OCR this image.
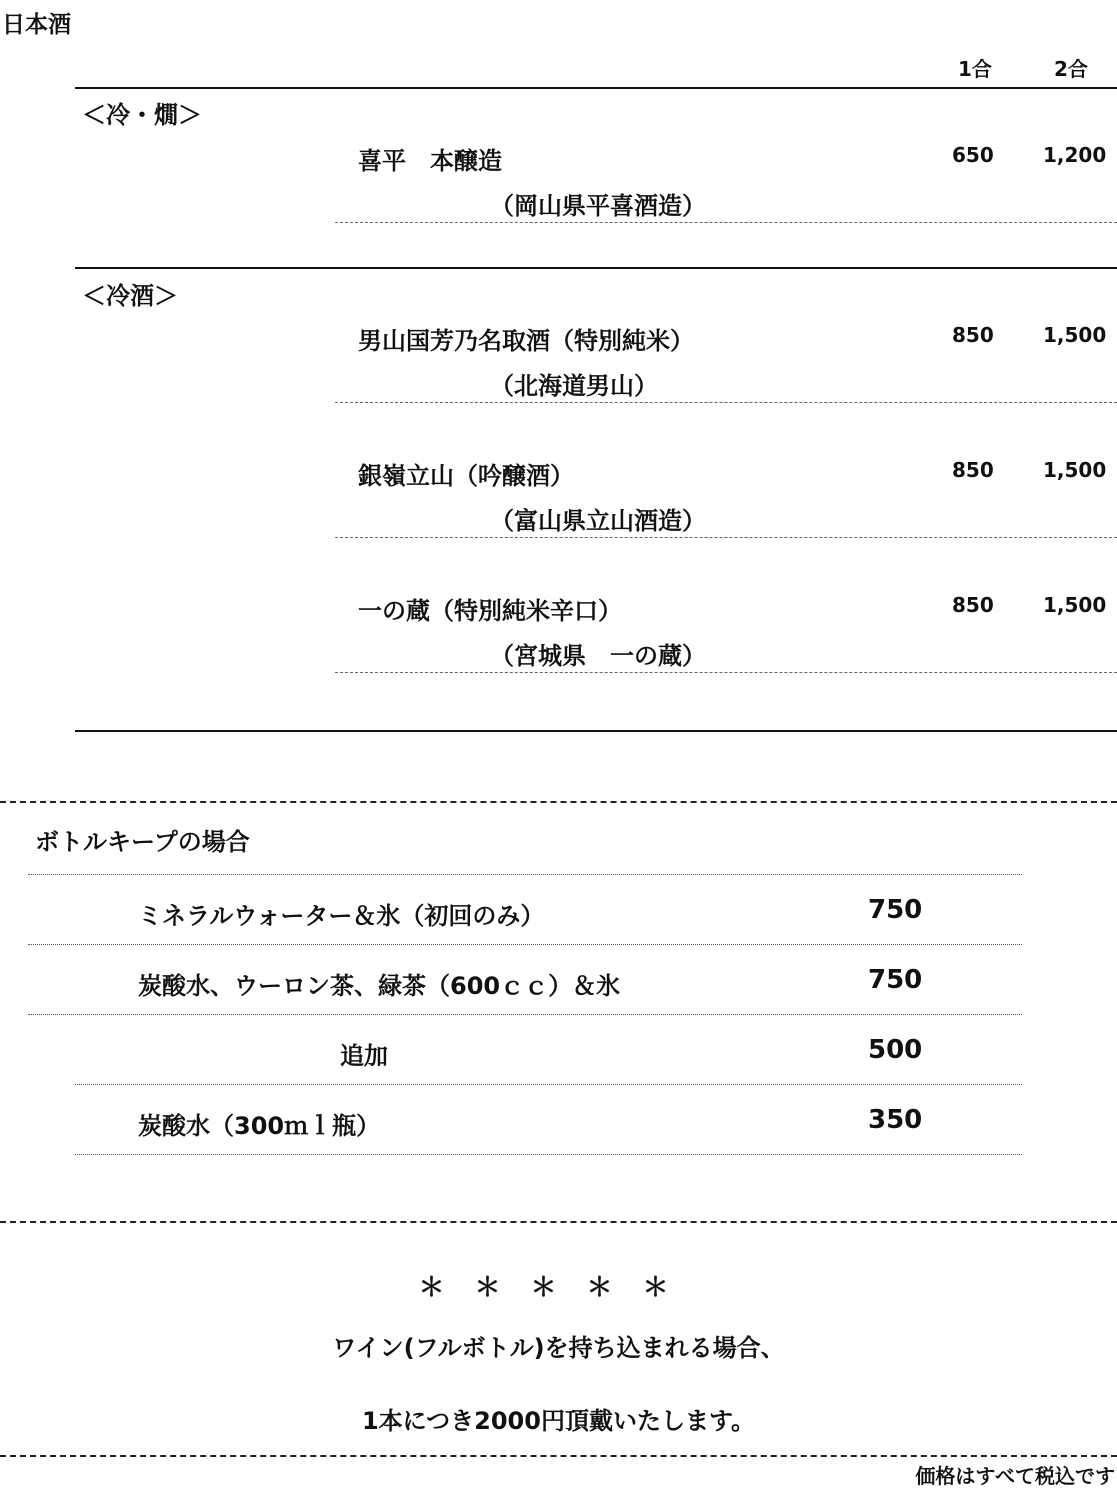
日本酒
1合	2合
＜冷・燗＞
喜平　本醸造	650 1,200
（岡山県平喜酒造）
＜冷酒＞
男山国芳乃名取酒（特別純米）	850 1,500
（北海道男山）
銀嶺立山（吟醸酒）	850 1,500
（富山県立山酒造）
一の蔵（特別純米辛口）	850 1,500
（宮城県　一の蔵）
ボトルキープの場合
ミネラルウォーター＆氷（初回のみ）	750
炭酸水、ウーロン茶、緑茶（600ｃｃ）＆氷	750
追加	500
炭酸水（300ｍｌ瓶）	350
＊＊＊＊＊
ワイン(フルボトル)を持ち込まれる場合、
1本につき2000円頂戴いたします。
価格はすべて税込です
